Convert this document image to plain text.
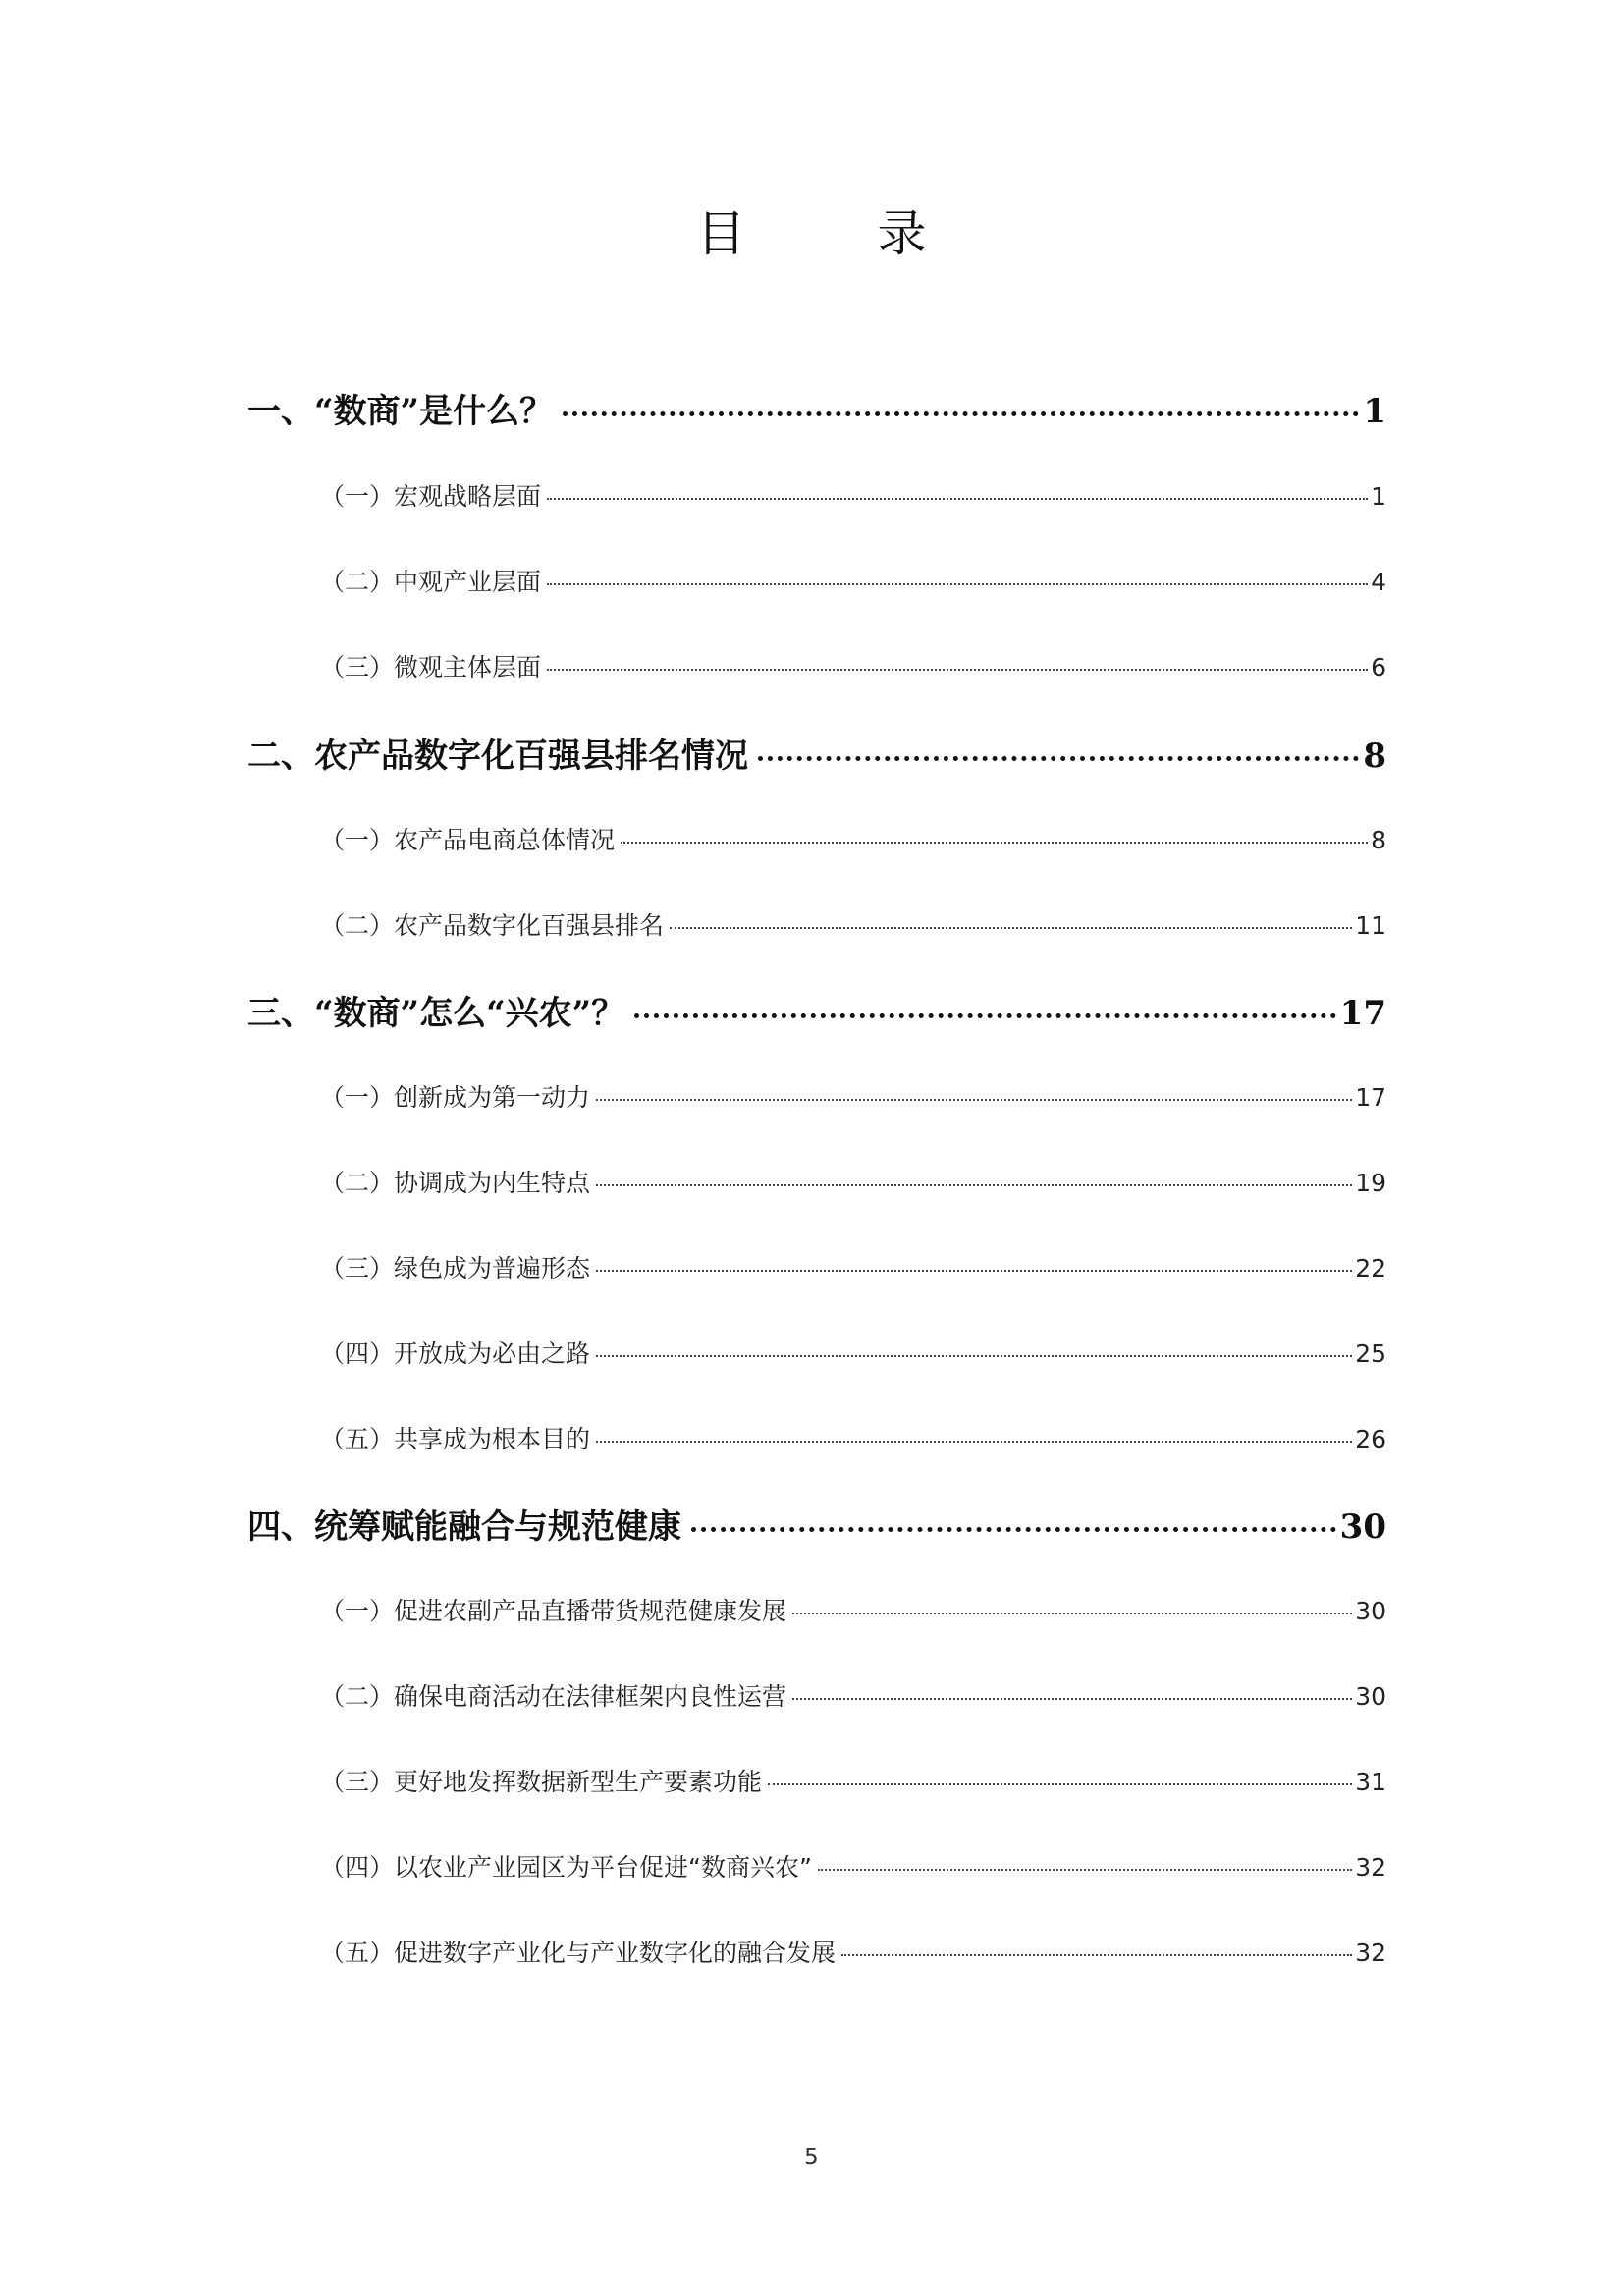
目　录
一、“数商”是什么？	1
（一）宏观战略层面	1
（二）中观产业层面	4
（三）微观主体层面	6
二、农产品数字化百强县排名情况	8
（一）农产品电商总体情况	8
（二）农产品数字化百强县排名	11
三、“数商”怎么“兴农”？	17
（一）创新成为第一动力	17
（二）协调成为内生特点	19
（三）绿色成为普遍形态	22
（四）开放成为必由之路	25
（五）共享成为根本目的	26
四、统筹赋能融合与规范健康	30
（一）促进农副产品直播带货规范健康发展	30
（二）确保电商活动在法律框架内良性运营	30
（三）更好地发挥数据新型生产要素功能	31
（四）以农业产业园区为平台促进“数商兴农”	32
（五）促进数字产业化与产业数字化的融合发展	32
5
